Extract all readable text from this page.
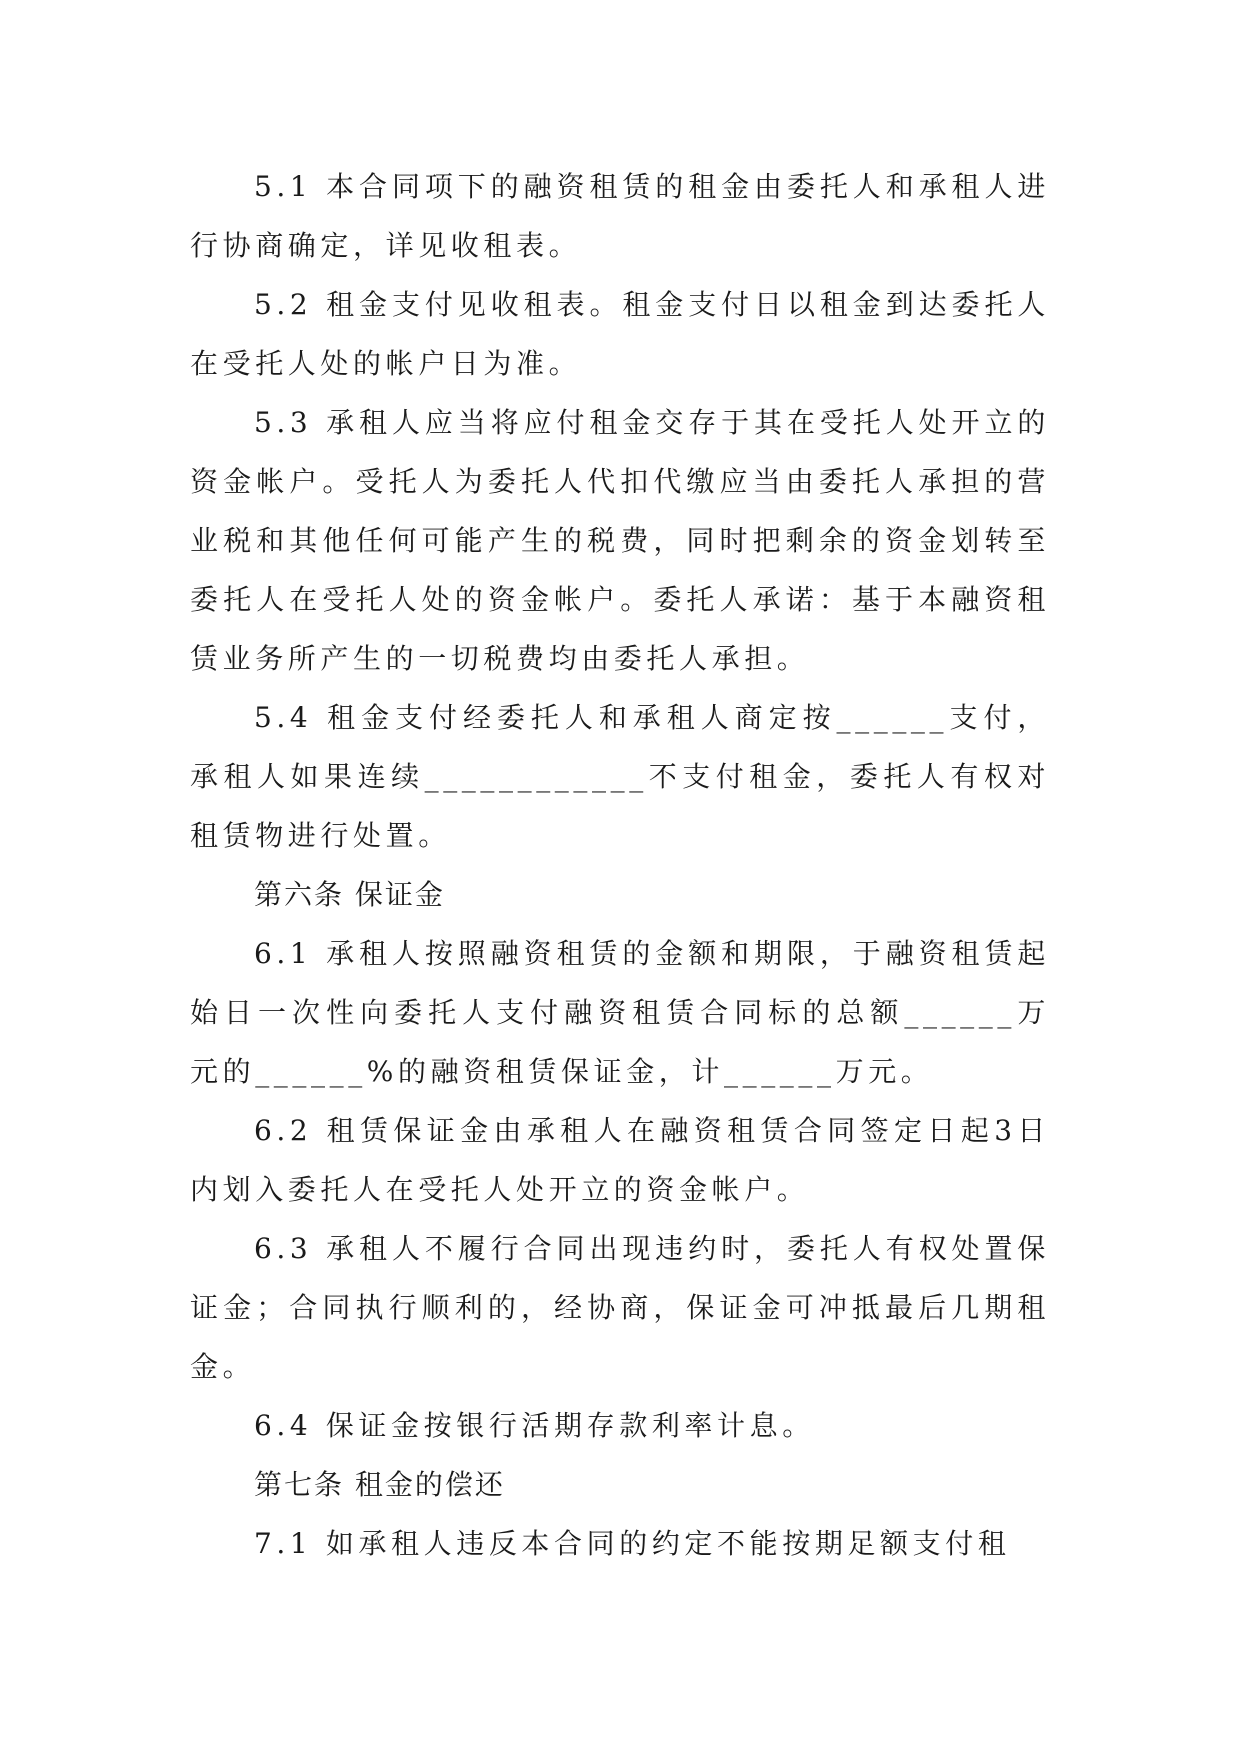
5.1 本合同项下的融资租赁的租金由委托人和承租人进行协商确定，详见收租表。

5.2 租金支付见收租表。租金支付日以租金到达委托人在受托人处的帐户日为准。

5.3 承租人应当将应付租金交存于其在受托人处开立的资金帐户。受托人为委托人代扣代缴应当由委托人承担的营业税和其他任何可能产生的税费，同时把剩余的资金划转至委托人在受托人处的资金帐户。委托人承诺：基于本融资租赁业务所产生的一切税费均由委托人承担。

5.4 租金支付经委托人和承租人商定按______支付，承租人如果连续____________不支付租金，委托人有权对租赁物进行处置。

第六条 保证金

6.1 承租人按照融资租赁的金额和期限，于融资租赁起始日一次性向委托人支付融资租赁合同标的总额______万元的______%的融资租赁保证金，计______万元。

6.2 租赁保证金由承租人在融资租赁合同签定日起3日内划入委托人在受托人处开立的资金帐户。

6.3 承租人不履行合同出现违约时，委托人有权处置保证金；合同执行顺利的，经协商，保证金可冲抵最后几期租金。

6.4 保证金按银行活期存款利率计息。

第七条 租金的偿还

7.1 如承租人违反本合同的约定不能按期足额支付租
